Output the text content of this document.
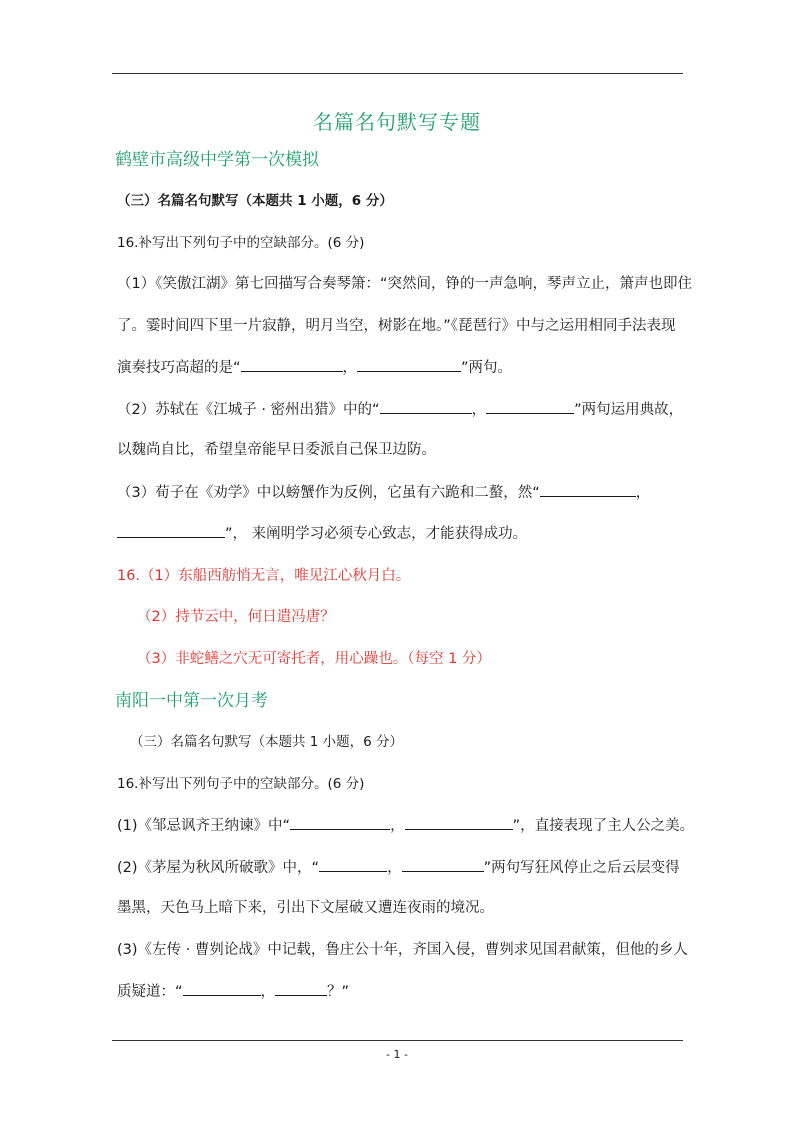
名篇名句默写专题
鹤壁市高级中学第一次模拟
（三）名篇名句默写（本题共 1 小题，6 分）
16.补写出下列句子中的空缺部分。(6 分)
（1）《笑傲江湖》第七回描写合奏琴箫：“突然间，铮的一声急响，琴声立止，箫声也即住
了。霎时间四下里一片寂静，明月当空，树影在地。”《琵琶行》中与之运用相同手法表现
演奏技巧高超的是“	，	”两句。
（2）苏轼在《江城子 · 密州出猎》中的“	，	”两句运用典故，
以魏尚自比，希望皇帝能早日委派自己保卫边防。
（3）荀子在《劝学》中以螃蟹作为反例，它虽有六跪和二螯，然“	，
”， 来阐明学习必须专心致志，才能获得成功。
16.（1）东船西舫悄无言，唯见江心秋月白。
（2）持节云中，何日遣冯唐？
（3）非蛇鳝之穴无可寄托者，用心躁也。（每空 1 分）
南阳一中第一次月考
（三）名篇名句默写（本题共 1 小题，6 分）
16.补写出下列句子中的空缺部分。(6 分)
(1)《邹忌讽齐王纳谏》中“	，	”，直接表现了主人公之美。
(2)《茅屋为秋风所破歌》中，“	，	”两句写狂风停止之后云层变得
墨黑，天色马上暗下来，引出下文屋破又遭连夜雨的境况。
(3)《左传 · 曹刿论战》中记载，鲁庄公十年，齐国入侵，曹刿求见国君献策，但他的乡人
质疑道：“	，	？”
- 1 -
